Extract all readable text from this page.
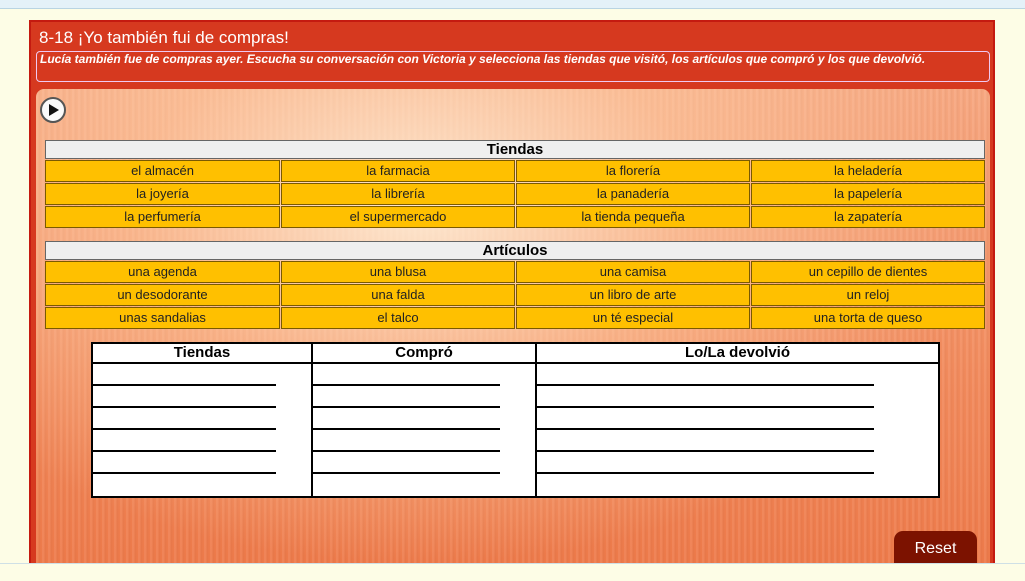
8-18 ¡Yo también fui de compras!
Lucía también fue de compras ayer. Escucha su conversación con Victoria y selecciona las tiendas que visitó, los artículos que compró y los que devolvió.
Tiendas
el almacén	la farmacia	la florería	la heladería
la joyería	la librería	la panadería	la papelería
la perfumería	el supermercado	la tienda pequeña	la zapatería
Artículos
una agenda	una blusa	una camisa	un cepillo de dientes
un desodorante	una falda	un libro de arte	un reloj
unas sandalias	el talco	un té especial	una torta de queso
Tiendas	Compró	Lo/La devolvió

Reset
